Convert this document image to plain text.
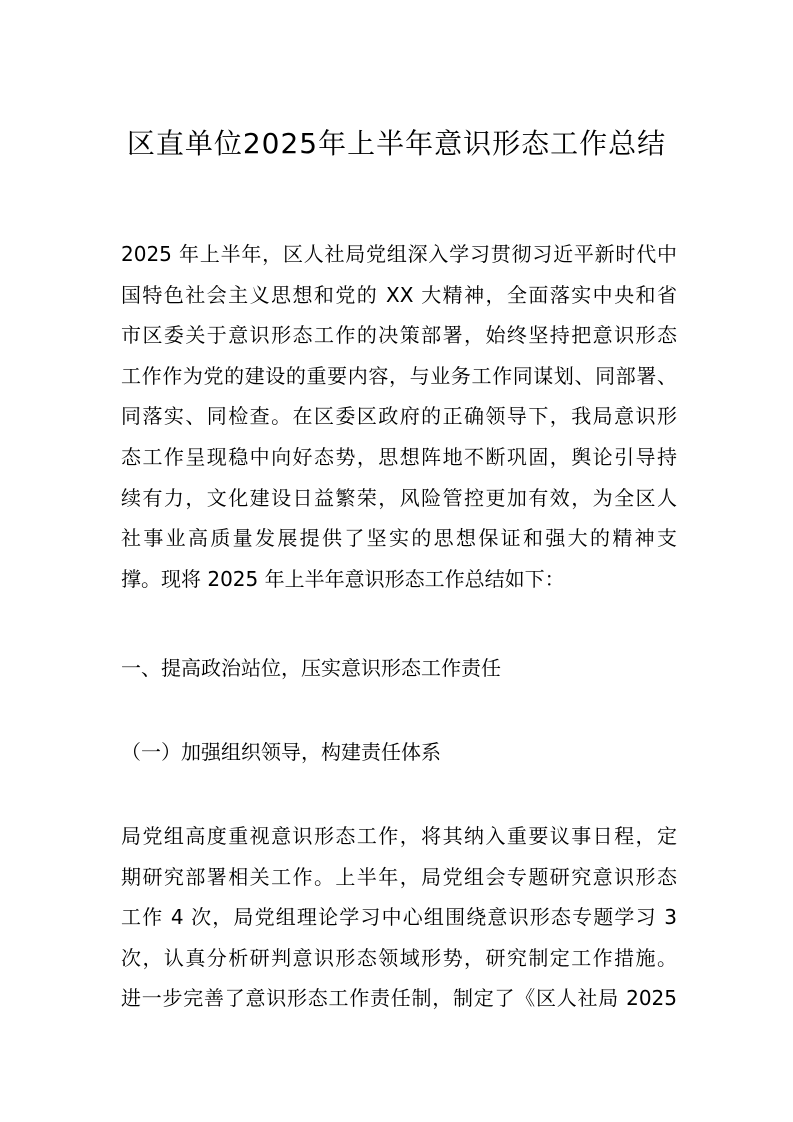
区直单位2025年上半年意识形态工作总结
2025 年上半年，区人社局党组深入学习贯彻习近平新时代中
国特色社会主义思想和党的 XX 大精神，全面落实中央和省
市区委关于意识形态工作的决策部署，始终坚持把意识形态
工作作为党的建设的重要内容，与业务工作同谋划、同部署、
同落实、同检查。在区委区政府的正确领导下，我局意识形
态工作呈现稳中向好态势，思想阵地不断巩固，舆论引导持
续有力，文化建设日益繁荣，风险管控更加有效，为全区人
社事业高质量发展提供了坚实的思想保证和强大的精神支
撑。现将 2025 年上半年意识形态工作总结如下：
一、提高政治站位，压实意识形态工作责任
（一）加强组织领导，构建责任体系
局党组高度重视意识形态工作，将其纳入重要议事日程，定
期研究部署相关工作。上半年，局党组会专题研究意识形态
工作 4 次，局党组理论学习中心组围绕意识形态专题学习 3
次，认真分析研判意识形态领域形势，研究制定工作措施。
进一步完善了意识形态工作责任制，制定了《区人社局 2025
